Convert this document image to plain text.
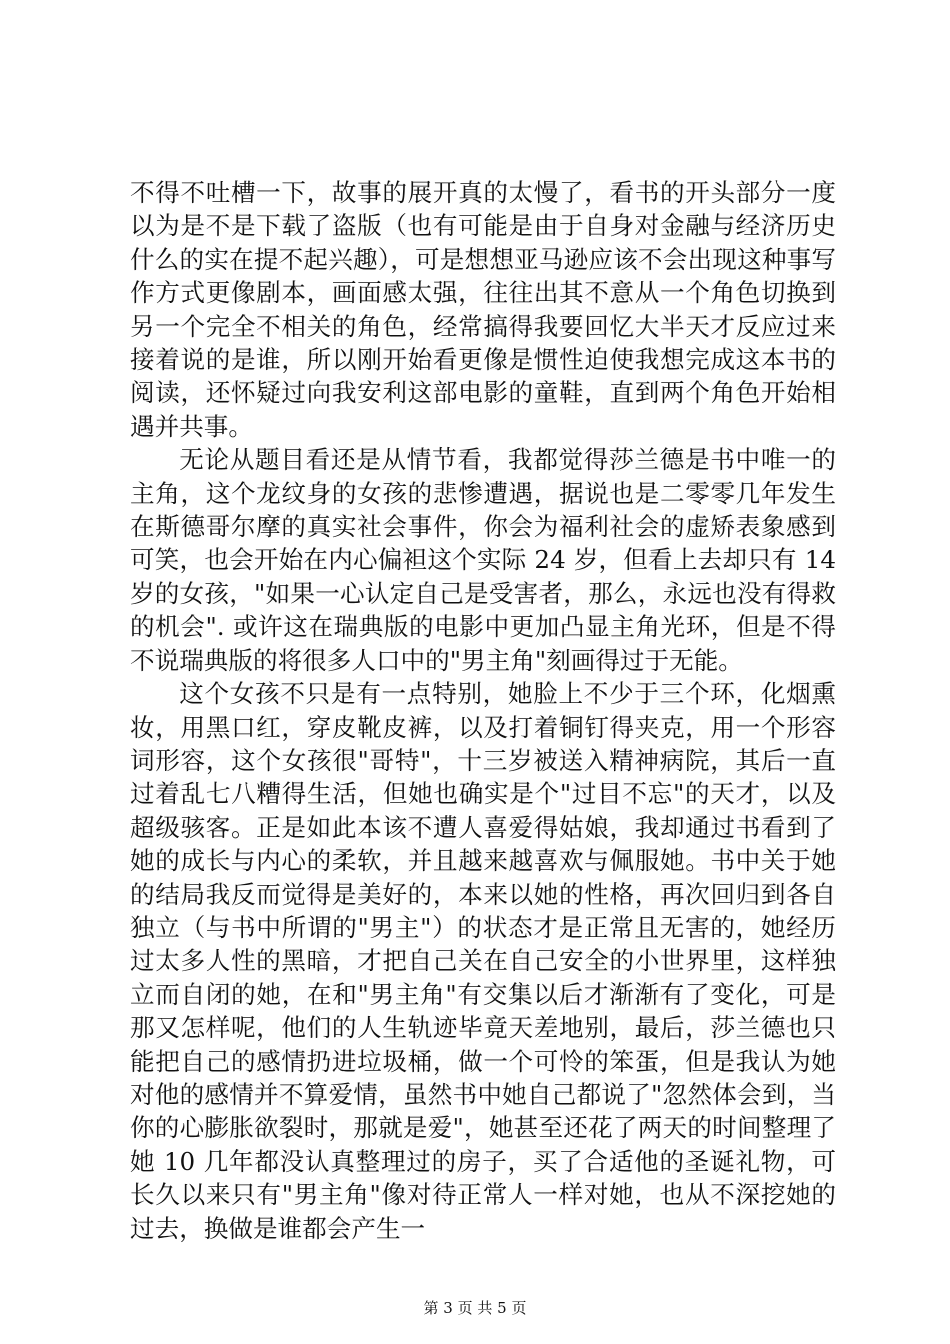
不得不吐槽一下，故事的展开真的太慢了，看书的开头部分一度以为是不是下载了盗版（也有可能是由于自身对金融与经济历史什么的实在提不起兴趣），可是想想亚马逊应该不会出现这种事写作方式更像剧本，画面感太强，往往出其不意从一个角色切换到另一个完全不相关的角色，经常搞得我要回忆大半天才反应过来接着说的是谁，所以刚开始看更像是惯性迫使我想完成这本书的阅读，还怀疑过向我安利这部电影的童鞋，直到两个角色开始相遇并共事。

无论从题目看还是从情节看，我都觉得莎兰德是书中唯一的主角，这个龙纹身的女孩的悲惨遭遇，据说也是二零零几年发生在斯德哥尔摩的真实社会事件，你会为福利社会的虚矫表象感到可笑，也会开始在内心偏袒这个实际 24 岁，但看上去却只有 14 岁的女孩，"如果一心认定自己是受害者，那么，永远也没有得救的机会". 或许这在瑞典版的电影中更加凸显主角光环，但是不得不说瑞典版的将很多人口中的"男主角"刻画得过于无能。

这个女孩不只是有一点特别，她脸上不少于三个环，化烟熏妆，用黑口红，穿皮靴皮裤，以及打着铜钉得夹克，用一个形容词形容，这个女孩很"哥特"，十三岁被送入精神病院，其后一直过着乱七八糟得生活，但她也确实是个"过目不忘"的天才，以及超级骇客。正是如此本该不遭人喜爱得姑娘，我却通过书看到了她的成长与内心的柔软，并且越来越喜欢与佩服她。书中关于她的结局我反而觉得是美好的，本来以她的性格，再次回归到各自独立（与书中所谓的"男主"）的状态才是正常且无害的，她经历过太多人性的黑暗，才把自己关在自己安全的小世界里，这样独立而自闭的她，在和"男主角"有交集以后才渐渐有了变化，可是那又怎样呢，他们的人生轨迹毕竟天差地别，最后，莎兰德也只能把自己的感情扔进垃圾桶，做一个可怜的笨蛋，但是我认为她对他的感情并不算爱情，虽然书中她自己都说了"忽然体会到，当你的心膨胀欲裂时，那就是爱"，她甚至还花了两天的时间整理了她 10 几年都没认真整理过的房子，买了合适他的圣诞礼物，可长久以来只有"男主角"像对待正常人一样对她，也从不深挖她的过去，换做是谁都会产生一

第 3 页 共 5 页
